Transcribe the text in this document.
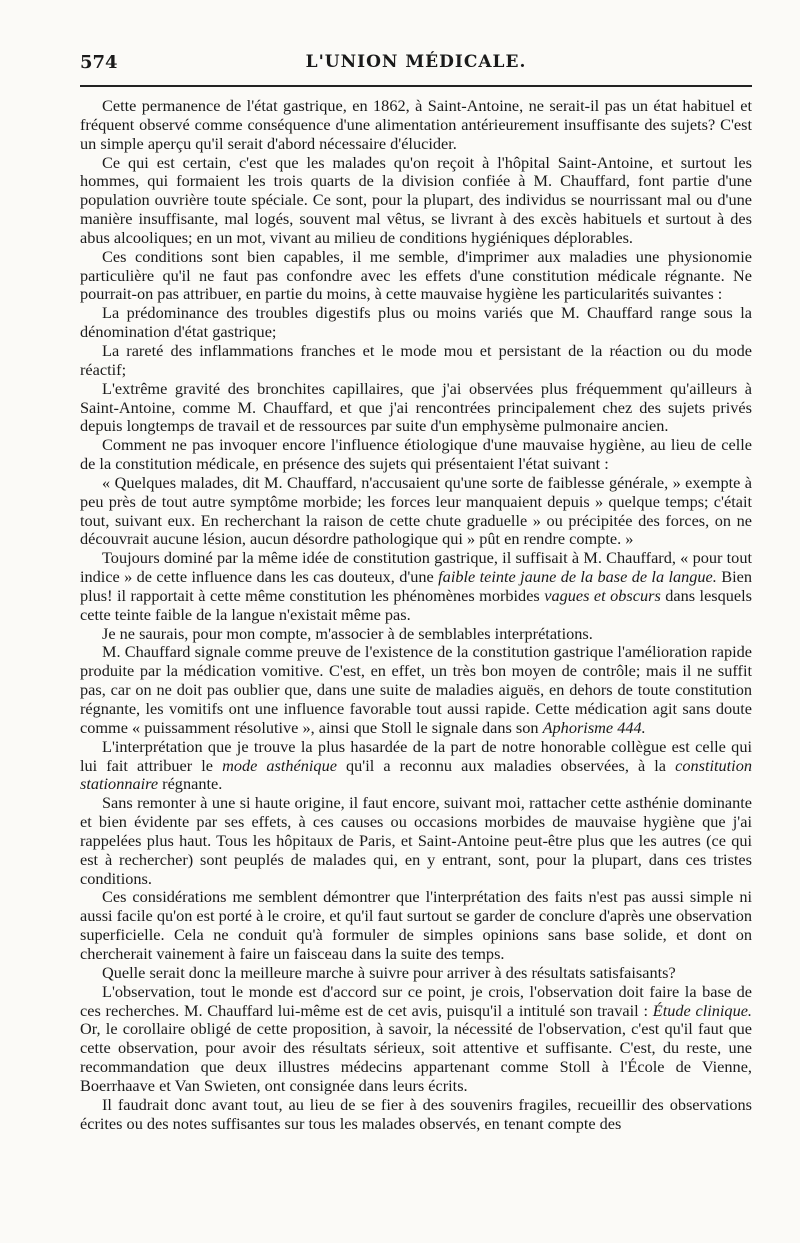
574	L'UNION MÉDICALE.

Cette permanence de l'état gastrique, en 1862, à Saint-Antoine, ne serait-il pas un état habituel et fréquent observé comme conséquence d'une alimentation antérieurement insuffisante des sujets? C'est un simple aperçu qu'il serait d'abord nécessaire d'élucider.

Ce qui est certain, c'est que les malades qu'on reçoit à l'hôpital Saint-Antoine, et surtout les hommes, qui formaient les trois quarts de la division confiée à M. Chauffard, font partie d'une population ouvrière toute spéciale. Ce sont, pour la plupart, des individus se nourrissant mal ou d'une manière insuffisante, mal logés, souvent mal vêtus, se livrant à des excès habituels et surtout à des abus alcooliques; en un mot, vivant au milieu de conditions hygiéniques déplorables.

Ces conditions sont bien capables, il me semble, d'imprimer aux maladies une physionomie particulière qu'il ne faut pas confondre avec les effets d'une constitution médicale régnante. Ne pourrait-on pas attribuer, en partie du moins, à cette mauvaise hygiène les particularités suivantes :

La prédominance des troubles digestifs plus ou moins variés que M. Chauffard range sous la dénomination d'état gastrique;

La rareté des inflammations franches et le mode mou et persistant de la réaction ou du mode réactif;

L'extrême gravité des bronchites capillaires, que j'ai observées plus fréquemment qu'ailleurs à Saint-Antoine, comme M. Chauffard, et que j'ai rencontrées principalement chez des sujets privés depuis longtemps de travail et de ressources par suite d'un emphysème pulmonaire ancien.

Comment ne pas invoquer encore l'influence étiologique d'une mauvaise hygiène, au lieu de celle de la constitution médicale, en présence des sujets qui présentaient l'état suivant :

« Quelques malades, dit M. Chauffard, n'accusaient qu'une sorte de faiblesse générale, » exempte à peu près de tout autre symptôme morbide; les forces leur manquaient depuis » quelque temps; c'était tout, suivant eux. En recherchant la raison de cette chute graduelle » ou précipitée des forces, on ne découvrait aucune lésion, aucun désordre pathologique qui » pût en rendre compte. »

Toujours dominé par la même idée de constitution gastrique, il suffisait à M. Chauffard, « pour tout indice » de cette influence dans les cas douteux, d'une faible teinte jaune de la base de la langue. Bien plus! il rapportait à cette même constitution les phénomènes morbides vagues et obscurs dans lesquels cette teinte faible de la langue n'existait même pas.

Je ne saurais, pour mon compte, m'associer à de semblables interprétations.

M. Chauffard signale comme preuve de l'existence de la constitution gastrique l'amélioration rapide produite par la médication vomitive. C'est, en effet, un très bon moyen de contrôle; mais il ne suffit pas, car on ne doit pas oublier que, dans une suite de maladies aiguës, en dehors de toute constitution régnante, les vomitifs ont une influence favorable tout aussi rapide. Cette médication agit sans doute comme « puissamment résolutive », ainsi que Stoll le signale dans son Aphorisme 444.

L'interprétation que je trouve la plus hasardée de la part de notre honorable collègue est celle qui lui fait attribuer le mode asthénique qu'il a reconnu aux maladies observées, à la constitution stationnaire régnante.

Sans remonter à une si haute origine, il faut encore, suivant moi, rattacher cette asthénie dominante et bien évidente par ses effets, à ces causes ou occasions morbides de mauvaise hygiène que j'ai rappelées plus haut. Tous les hôpitaux de Paris, et Saint-Antoine peut-être plus que les autres (ce qui est à rechercher) sont peuplés de malades qui, en y entrant, sont, pour la plupart, dans ces tristes conditions.

Ces considérations me semblent démontrer que l'interprétation des faits n'est pas aussi simple ni aussi facile qu'on est porté à le croire, et qu'il faut surtout se garder de conclure d'après une observation superficielle. Cela ne conduit qu'à formuler de simples opinions sans base solide, et dont on chercherait vainement à faire un faisceau dans la suite des temps.

Quelle serait donc la meilleure marche à suivre pour arriver à des résultats satisfaisants?

L'observation, tout le monde est d'accord sur ce point, je crois, l'observation doit faire la base de ces recherches. M. Chauffard lui-même est de cet avis, puisqu'il a intitulé son travail : Étude clinique. Or, le corollaire obligé de cette proposition, à savoir, la nécessité de l'observation, c'est qu'il faut que cette observation, pour avoir des résultats sérieux, soit attentive et suffisante. C'est, du reste, une recommandation que deux illustres médecins appartenant comme Stoll à l'École de Vienne, Boerrhaave et Van Swieten, ont consignée dans leurs écrits.

Il faudrait donc avant tout, au lieu de se fier à des souvenirs fragiles, recueillir des observations écrites ou des notes suffisantes sur tous les malades observés, en tenant compte des
